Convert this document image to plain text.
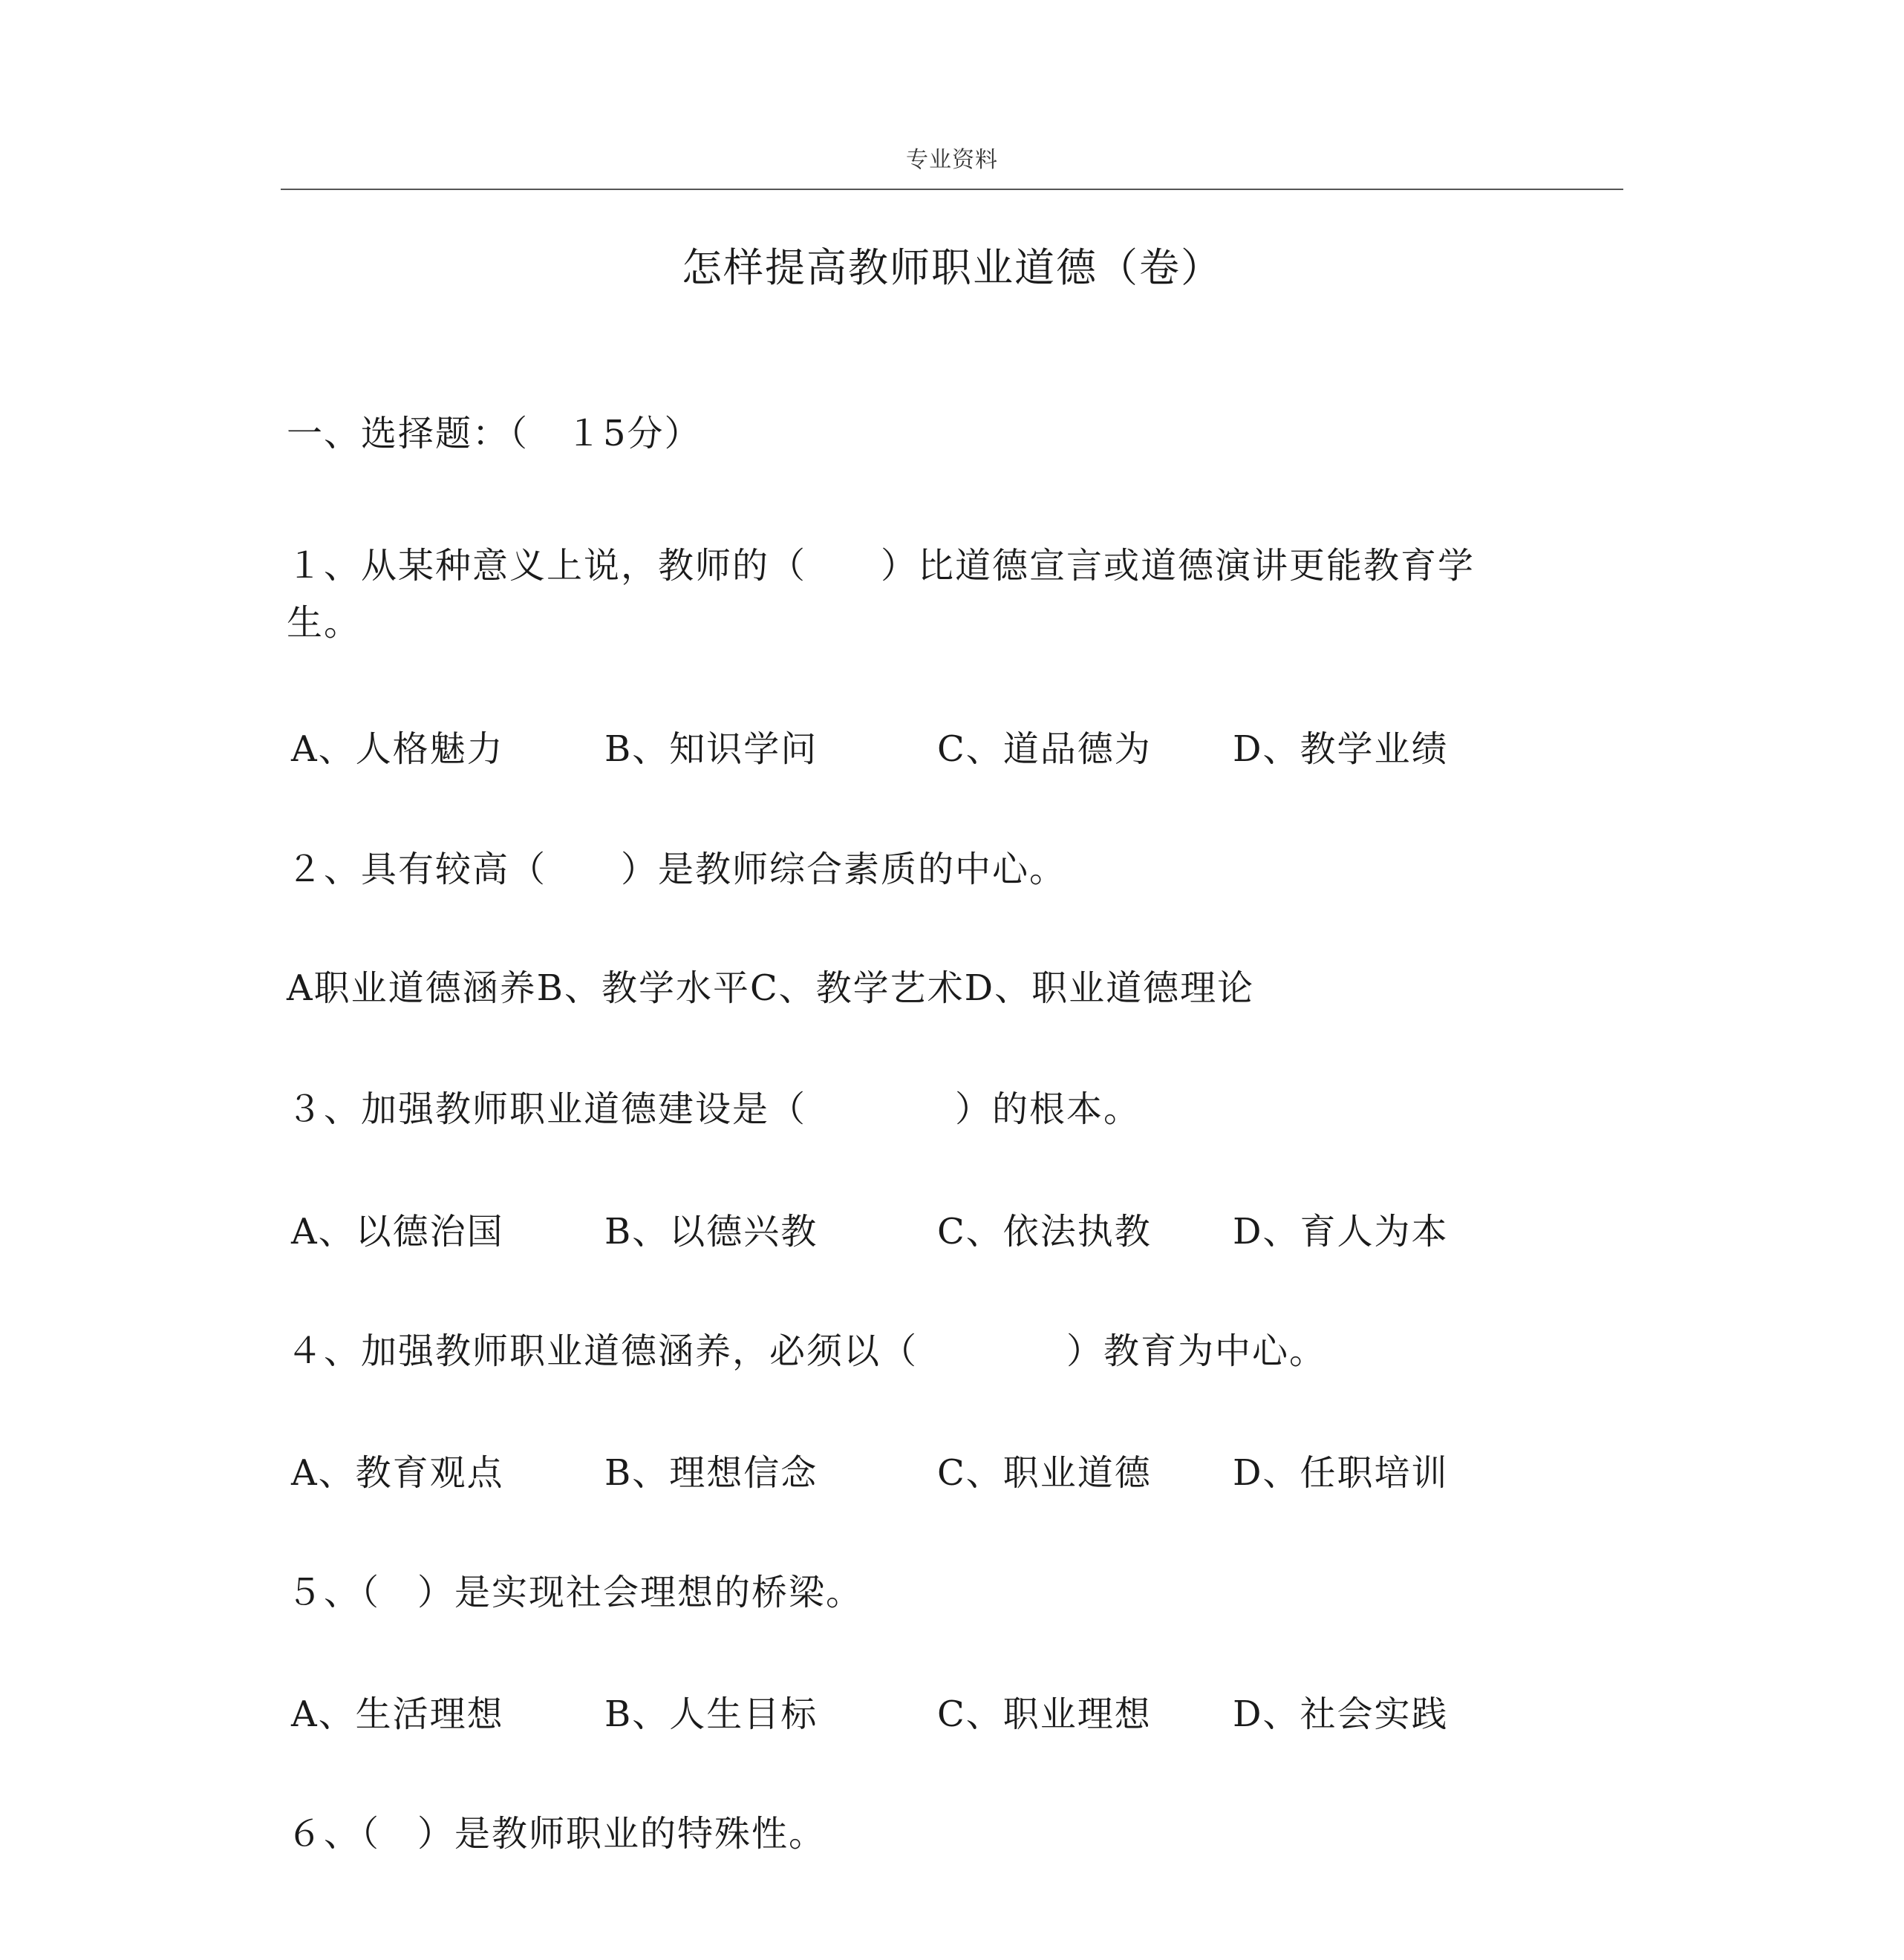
专业资料
怎样提高教师职业道德（卷）
一、选择题：（　１5分）
１、从某种意义上说，教师的（　　）比道德宣言或道德演讲更能教育学
生。
A、人格魅力	B、知识学问	C、道品德为 D、教学业绩
２、具有较高（　　）是教师综合素质的中心。
A职业道德涵养B、教学水平C、教学艺术D、职业道德理论
３、加强教师职业道德建设是（　　　　）的根本。
A、以德治国	B、以德兴教	C、依法执教 D、育人为本
４、加强教师职业道德涵养，必须以（　　　　）教育为中心。
A、教育观点	B、理想信念	C、职业道德 D、任职培训
５、（　）是实现社会理想的桥梁。
A、生活理想	B、人生目标	C、职业理想 D、社会实践
６、（　）是教师职业的特殊性。
